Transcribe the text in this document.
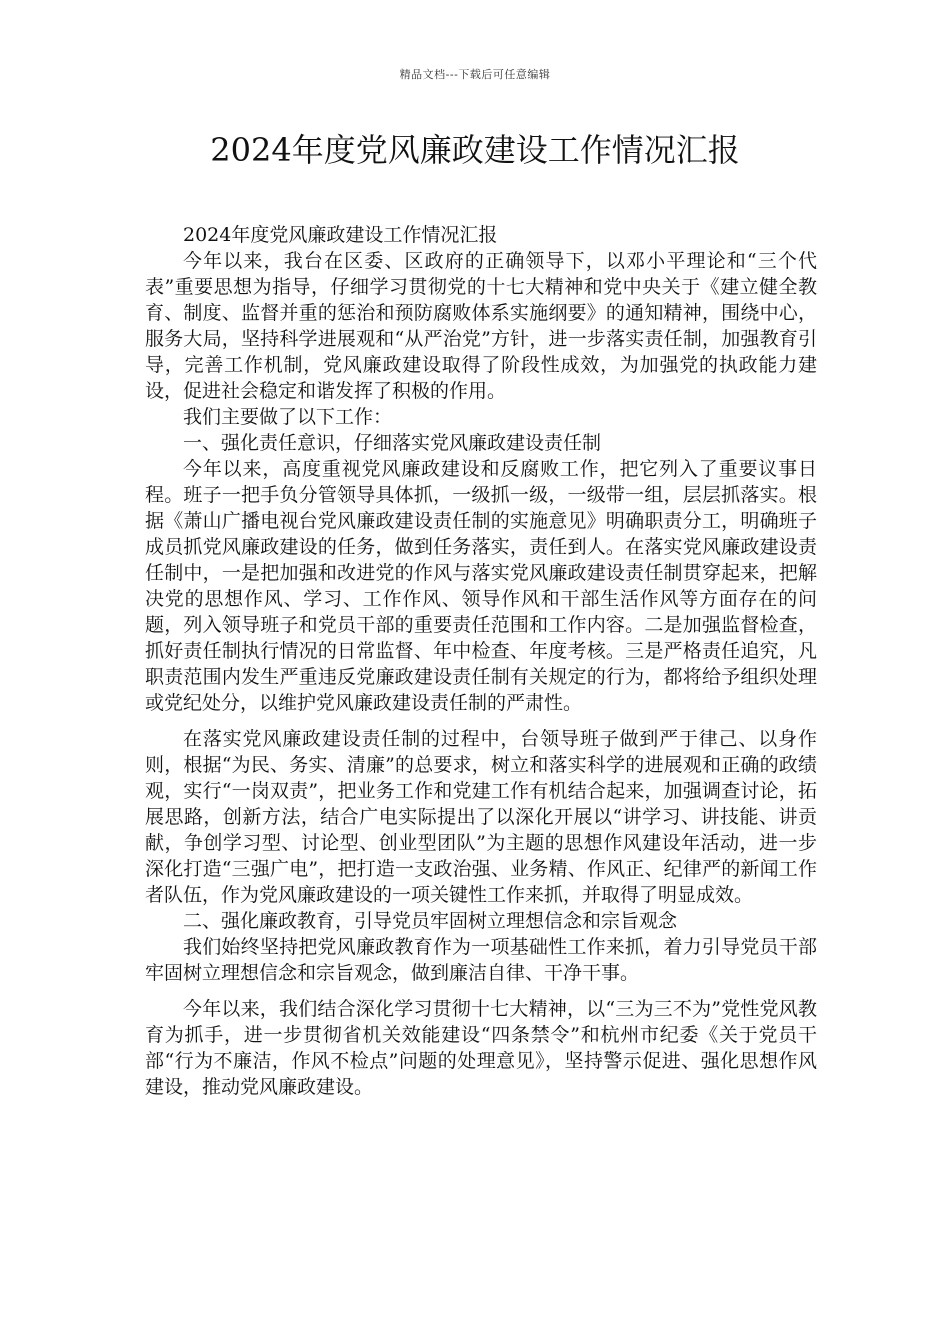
精品文档---下载后可任意编辑
2024年度党风廉政建设工作情况汇报

2024年度党风廉政建设工作情况汇报

今年以来，我台在区委、区政府的正确领导下，以邓小平理论和“三个代表”重要思想为指导，仔细学习贯彻党的十七大精神和党中央关于《建立健全教育、制度、监督并重的惩治和预防腐败体系实施纲要》的通知精神，围绕中心，服务大局，坚持科学进展观和“从严治党”方针，进一步落实责任制，加强教育引导，完善工作机制，党风廉政建设取得了阶段性成效，为加强党的执政能力建设，促进社会稳定和谐发挥了积极的作用。

我们主要做了以下工作：

一、强化责任意识，仔细落实党风廉政建设责任制

今年以来，高度重视党风廉政建设和反腐败工作，把它列入了重要议事日程。班子一把手负分管领导具体抓，一级抓一级，一级带一组，层层抓落实。根据《萧山广播电视台党风廉政建设责任制的实施意见》明确职责分工，明确班子成员抓党风廉政建设的任务，做到任务落实，责任到人。在落实党风廉政建设责任制中，一是把加强和改进党的作风与落实党风廉政建设责任制贯穿起来，把解决党的思想作风、学习、工作作风、领导作风和干部生活作风等方面存在的问题，列入领导班子和党员干部的重要责任范围和工作内容。二是加强监督检查，抓好责任制执行情况的日常监督、年中检查、年度考核。三是严格责任追究，凡职责范围内发生严重违反党廉政建设责任制有关规定的行为，都将给予组织处理或党纪处分，以维护党风廉政建设责任制的严肃性。

在落实党风廉政建设责任制的过程中，台领导班子做到严于律己、以身作则，根据“为民、务实、清廉”的总要求，树立和落实科学的进展观和正确的政绩观，实行“一岗双责”，把业务工作和党建工作有机结合起来，加强调查讨论，拓展思路，创新方法，结合广电实际提出了以深化开展以“讲学习、讲技能、讲贡献，争创学习型、讨论型、创业型团队”为主题的思想作风建设年活动，进一步深化打造“三强广电”，把打造一支政治强、业务精、作风正、纪律严的新闻工作者队伍，作为党风廉政建设的一项关键性工作来抓，并取得了明显成效。

二、强化廉政教育，引导党员牢固树立理想信念和宗旨观念

我们始终坚持把党风廉政教育作为一项基础性工作来抓，着力引导党员干部牢固树立理想信念和宗旨观念，做到廉洁自律、干净干事。

今年以来，我们结合深化学习贯彻十七大精神，以“三为三不为”党性党风教育为抓手，进一步贯彻省机关效能建设“四条禁令”和杭州市纪委《关于党员干部“行为不廉洁，作风不检点”问题的处理意见》，坚持警示促进、强化思想作风建设，推动党风廉政建设。
